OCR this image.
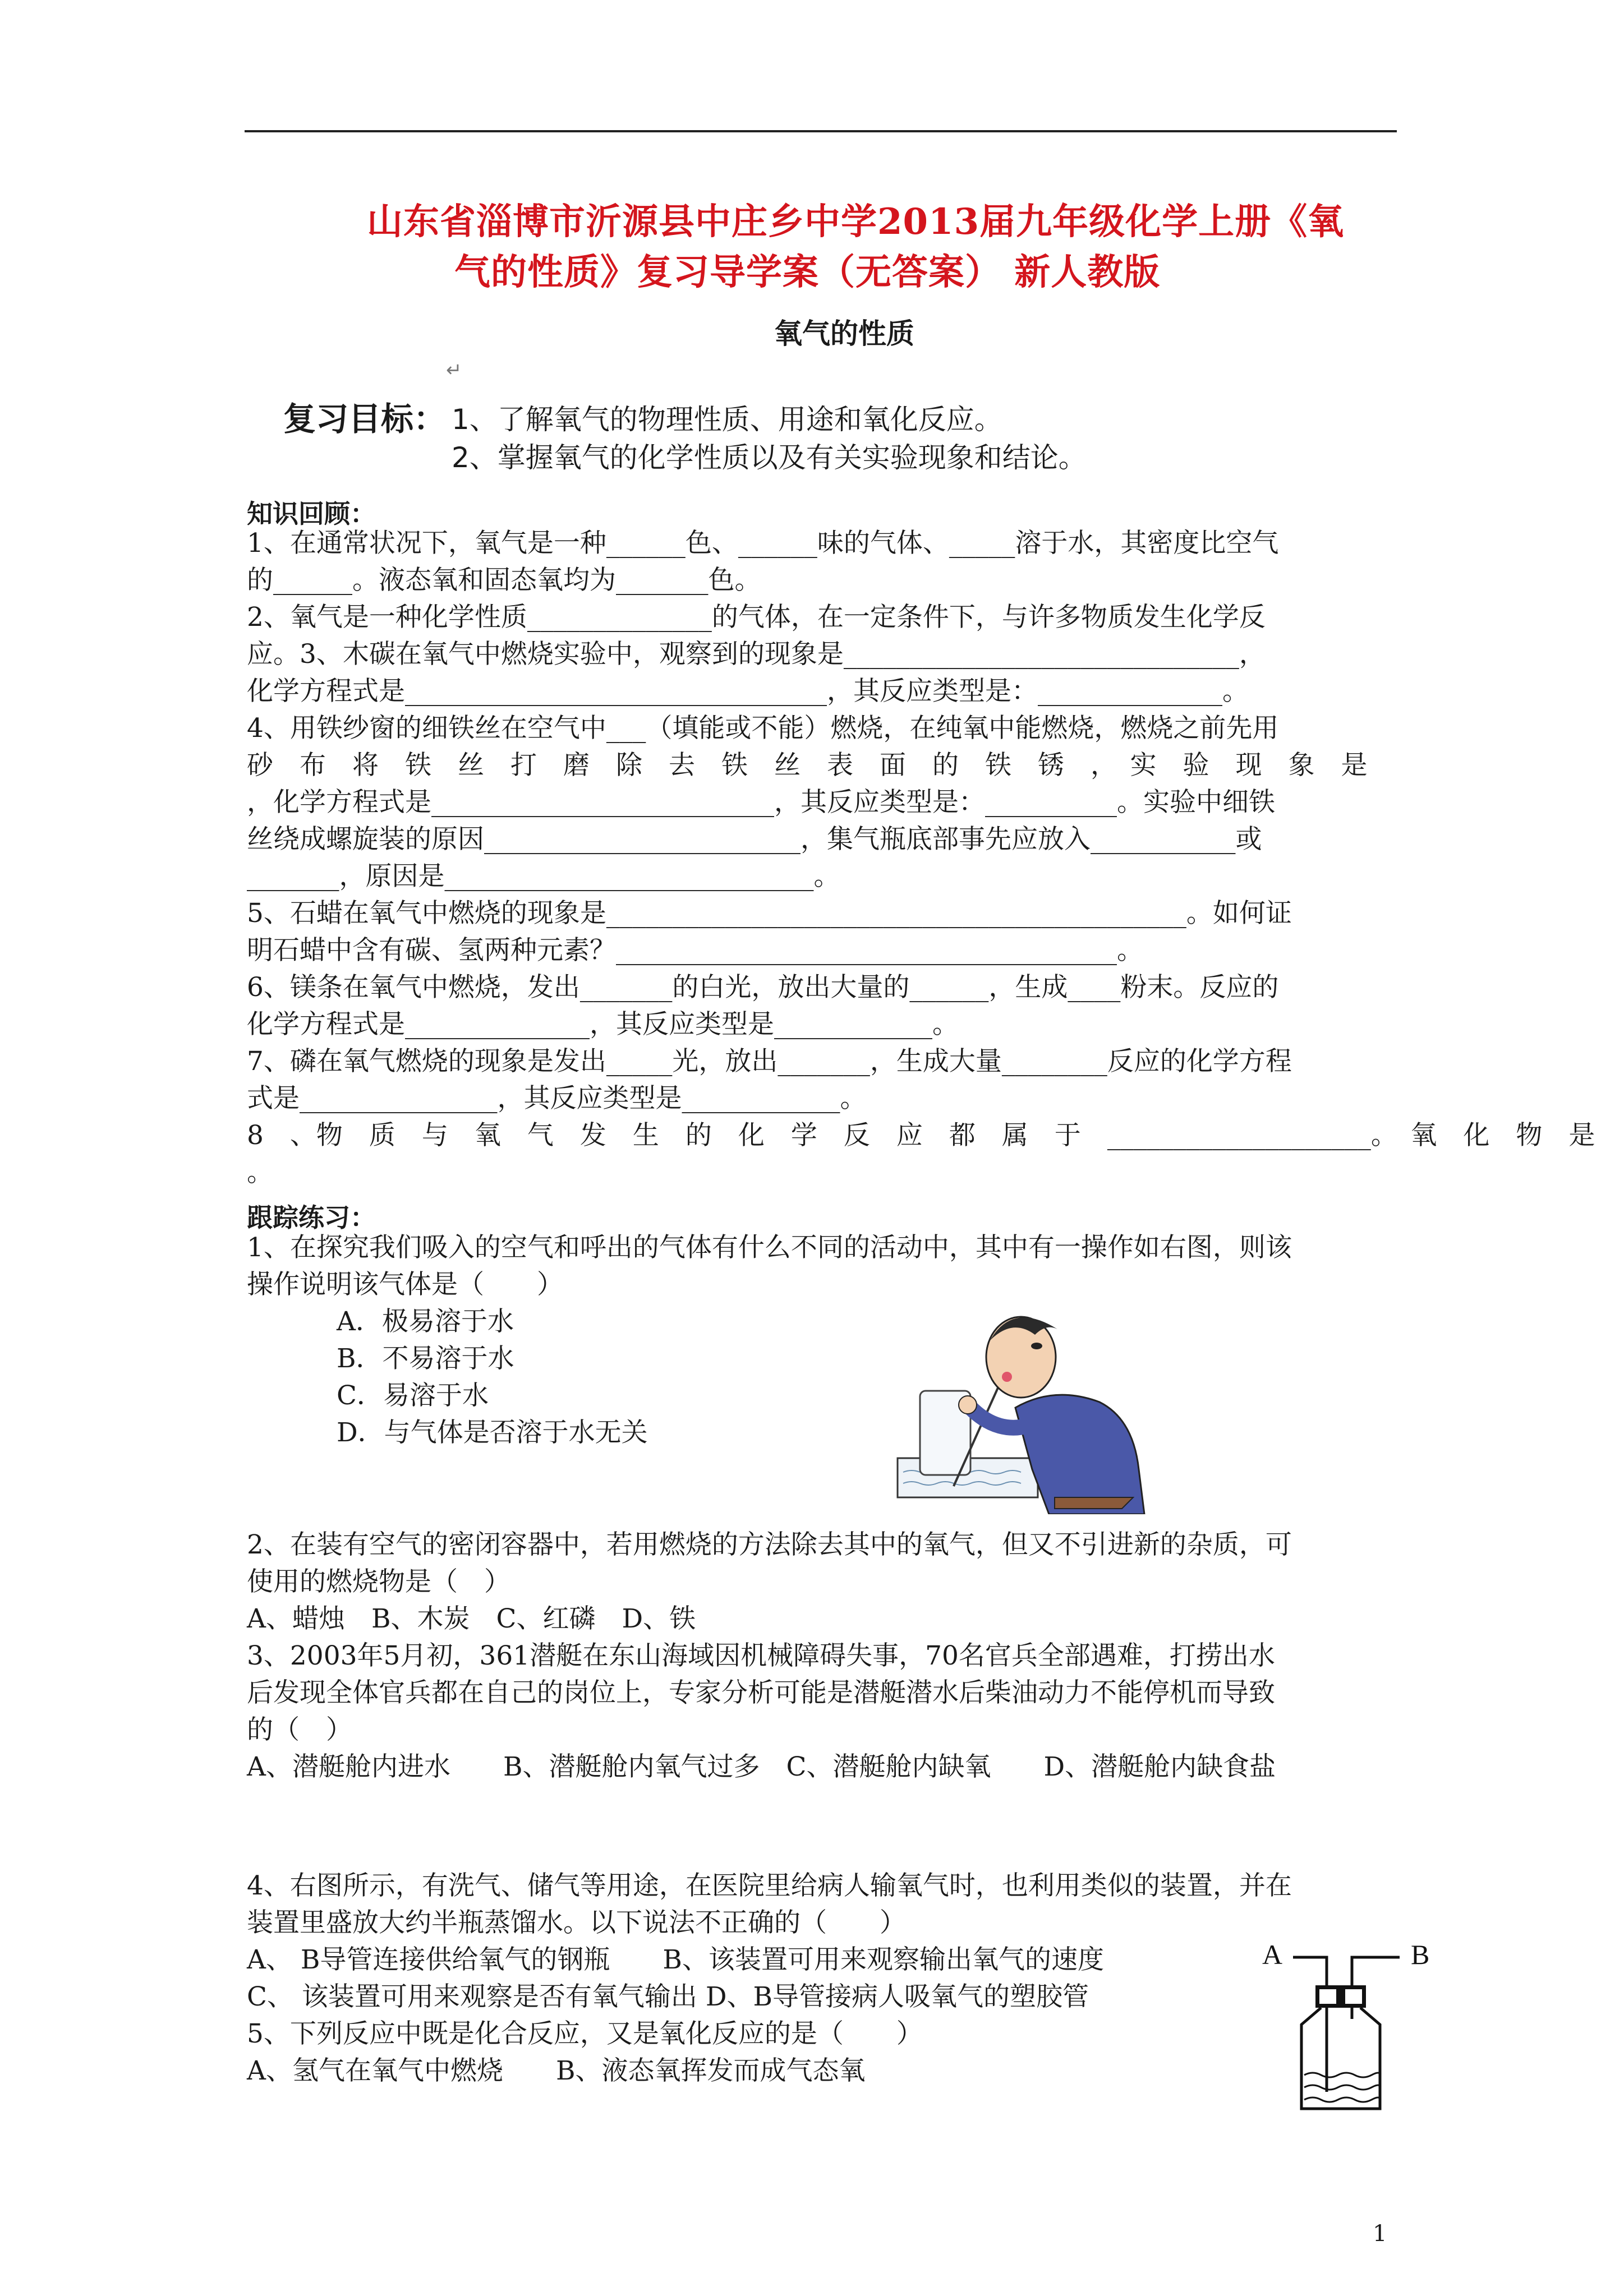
山东省淄博市沂源县中庄乡中学2013届九年级化学上册《氧
气的性质》复习导学案（无答案） 新人教版
氧气的性质
↵
复习目标： 1、了解氧气的物理性质、用途和氧化反应。
2、掌握氧气的化学性质以及有关实验现象和结论。
知识回顾：
1、在通常状况下，氧气是一种______色、______味的气体、_____溶于水，其密度比空气
的______。液态氧和固态氧均为_______色。
2、氧气是一种化学性质______________的气体，在一定条件下，与许多物质发生化学反
应。3、木碳在氧气中燃烧实验中，观察到的现象是______________________________，
化学方程式是________________________________，其反应类型是：______________。
4、用铁纱窗的细铁丝在空气中___（填能或不能）燃烧，在纯氧中能燃烧，燃烧之前先用
砂　布　将　铁　丝　打　磨　除　去　铁　丝　表　面　的　铁　锈　，　实　验　现　象　是
，化学方程式是__________________________，其反应类型是：__________。实验中细铁
丝绕成螺旋装的原因________________________，集气瓶底部事先应放入___________或
_______，原因是____________________________。
5、石蜡在氧气中燃烧的现象是____________________________________________。如何证
明石蜡中含有碳、氢两种元素？______________________________________。
6、镁条在氧气中燃烧，发出_______的白光，放出大量的______，生成____粉末。反应的
化学方程式是______________，其反应类型是____________。
7、磷在氧气燃烧的现象是发出_____光，放出_______，生成大量________反应的化学方程
式是_______________，其反应类型是____________。
8　、物　质　与　氧　气　发　生　的　化　学　反　应　都　属　于　____________________。　氧　化　物　是
。
跟踪练习：
1、在探究我们吸入的空气和呼出的气体有什么不同的活动中，其中有一操作如右图，则该
操作说明该气体是（　　）
A．极易溶于水
B．不易溶于水
C．易溶于水
D．与气体是否溶于水无关
2、在装有空气的密闭容器中，若用燃烧的方法除去其中的氧气，但又不引进新的杂质，可
使用的燃烧物是（　）
A、蜡烛　B、木炭　C、红磷　D、铁
3、2003年5月初，361潜艇在东山海域因机械障碍失事，70名官兵全部遇难，打捞出水
后发现全体官兵都在自己的岗位上，专家分析可能是潜艇潜水后柴油动力不能停机而导致
的（　）
A、潜艇舱内进水　　B、潜艇舱内氧气过多　C、潜艇舱内缺氧　　D、潜艇舱内缺食盐
4、右图所示，有洗气、储气等用途，在医院里给病人输氧气时，也利用类似的装置，并在
装置里盛放大约半瓶蒸馏水。以下说法不正确的（　　）
A、 B导管连接供给氧气的钢瓶　　B、该装置可用来观察输出氧气的速度
C、 该装置可用来观察是否有氧气输出 D、B导管接病人吸氧气的塑胶管
5、下列反应中既是化合反应，又是氧化反应的是（　　）
A、氢气在氧气中燃烧　　B、液态氧挥发而成气态氧
A	B
1
